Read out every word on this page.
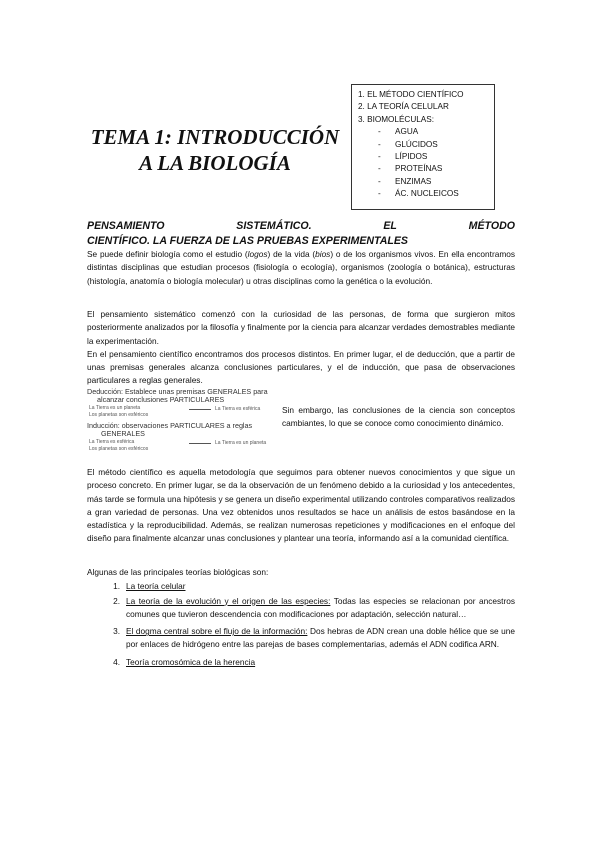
TEMA 1: INTRODUCCIÓN
A LA BIOLOGÍA
1. EL MÉTODO CIENTÍFICO
2. LA TEORÍA CELULAR
3. BIOMOLÉCULAS:
- AGUA
- GLÚCIDOS
- LÍPIDOS
- PROTEÍNAS
- ENZIMAS
- ÁC. NUCLEICOS
PENSAMIENTO	SISTEMÁTICO.	EL	MÉTODO
CIENTÍFICO. LA FUERZA DE LAS PRUEBAS EXPERIMENTALES
Se puede definir biología como el estudio (logos) de la vida (bios) o de los organismos vivos. En ella encontramos distintas disciplinas que estudian procesos (fisiología o ecología), organismos (zoología o botánica), estructuras (histología, anatomía o biología molecular) u otras disciplinas como la genética o la evolución.
El pensamiento sistemático comenzó con la curiosidad de las personas, de forma que surgieron mitos posteriormente analizados por la filosofía y finalmente por la ciencia para alcanzar verdades demostrables mediante la experimentación.
En el pensamiento científico encontramos dos procesos distintos. En primer lugar, el de deducción, que a partir de unas premisas generales alcanza conclusiones particulares, y el de inducción, que pasa de observaciones particulares a reglas generales.
Deducción: Establece unas premisas GENERALES para
alcanzar conclusiones PARTICULARES
La Tierra es un planeta
Los planetas son esféricos
La Tierra es esférica
Inducción: observaciones PARTICULARES a reglas
GENERALES
La Tierra es esférica
Los planetas son esféricos
La Tierra es un planeta
Sin embargo, las conclusiones de la ciencia son conceptos cambiantes, lo que se conoce como conocimiento dinámico.
El método científico es aquella metodología que seguimos para obtener nuevos conocimientos y que sigue un proceso concreto. En primer lugar, se da la observación de un fenómeno debido a la curiosidad y los antecedentes, más tarde se formula una hipótesis y se genera un diseño experimental utilizando controles comparativos realizados a gran variedad de personas. Una vez obtenidos unos resultados se hace un análisis de estos basándose en la estadística y la reproducibilidad. Además, se realizan numerosas repeticiones y modificaciones en el enfoque del diseño para finalmente alcanzar unas conclusiones y plantear una teoría, informando así a la comunidad científica.
Algunas de las principales teorías biológicas son:
1. La teoría celular
2. La teoría de la evolución y el origen de las especies: Todas las especies se relacionan por ancestros comunes que tuvieron descendencia con modificaciones por adaptación, selección natural…
3. El dogma central sobre el flujo de la información: Dos hebras de ADN crean una doble hélice que se une por enlaces de hidrógeno entre las parejas de bases complementarias, además el ADN codifica ARN.
4. Teoría cromosómica de la herencia
